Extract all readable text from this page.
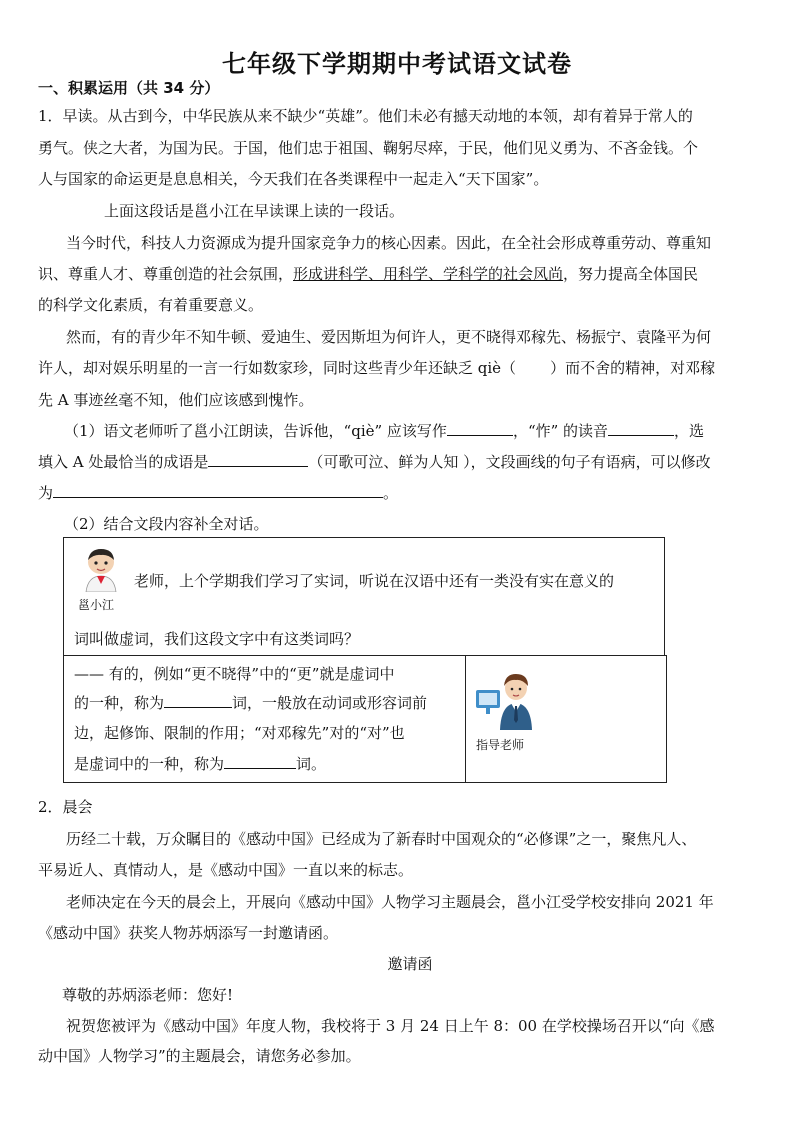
七年级下学期期中考试语文试卷
一、积累运用（共 34 分）
1．早读。从古到今，中华民族从来不缺少“英雄”。他们未必有撼天动地的本领，却有着异于常人的
勇气。侠之大者，为国为民。于国，他们忠于祖国、鞠躬尽瘁，于民，他们见义勇为、不吝金钱。个
人与国家的命运更是息息相关，今天我们在各类课程中一起走入“天下国家”。
上面这段话是邕小江在早读课上读的一段话。
当今时代，科技人力资源成为提升国家竞争力的核心因素。因此，在全社会形成尊重劳动、尊重知
识、尊重人才、尊重创造的社会氛围，形成讲科学、用科学、学科学的社会风尚，努力提高全体国民
的科学文化素质，有着重要意义。
然而，有的青少年不知牛顿、爱迪生、爱因斯坦为何许人，更不晓得邓稼先、杨振宁、袁隆平为何
许人，却对娱乐明星的一言一行如数家珍，同时这些青少年还缺乏 qiè（ ）而不舍的精神，对邓稼
先 A 事迹丝毫不知，他们应该感到愧怍。
（1）语文老师听了邕小江朗读，告诉他，“qiè” 应该写作	，“怍” 的读音	，选
填入 A 处最恰当的成语是	（可歌可泣、鲜为人知 ），文段画线的句子有语病，可以修改
为	。
（2）结合文段内容补全对话。
邕小江
老师，上个学期我们学习了实词，听说在汉语中还有一类没有实在意义的
词叫做虚词，我们这段文字中有这类词吗？
—— 有的，例如“更不晓得”中的“更”就是虚词中
的一种，称为	词，一般放在动词或形容词前
边，起修饰、限制的作用；“对邓稼先”对的“对”也
是虚词中的一种，称为	词。
指导老师
2．晨会
历经二十载，万众瞩目的《感动中国》已经成为了新春时中国观众的“必修课”之一，聚焦凡人、
平易近人、真情动人，是《感动中国》一直以来的标志。
老师决定在今天的晨会上，开展向《感动中国》人物学习主题晨会，邕小江受学校安排向 2021 年
《感动中国》获奖人物苏炳添写一封邀请函。
邀请函
尊敬的苏炳添老师：您好!
祝贺您被评为《感动中国》年度人物，我校将于 3 月 24 日上午 8：00 在学校操场召开以“向《感
动中国》人物学习”的主题晨会，请您务必参加。
